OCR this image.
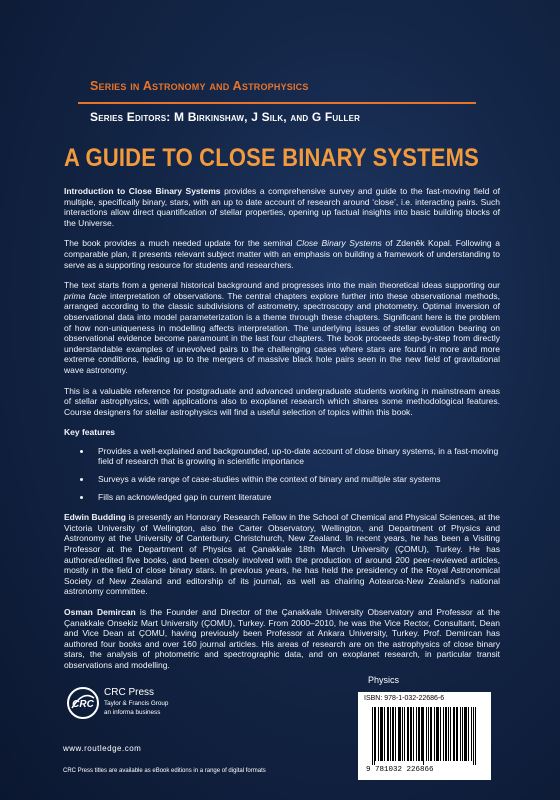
Series in Astronomy and Astrophysics
Series Editors: M Birkinshaw, J Silk, and G Fuller
A GUIDE TO CLOSE BINARY SYSTEMS

Introduction to Close Binary Systems provides a comprehensive survey and guide to the fast-moving field of multiple, specifically binary, stars, with an up to date account of research around ‘close’, i.e. interacting pairs. Such interactions allow direct quantification of stellar properties, opening up factual insights into basic building blocks of the Universe.

The book provides a much needed update for the seminal Close Binary Systems of Zdeněk Kopal. Following a comparable plan, it presents relevant subject matter with an emphasis on building a framework of understanding to serve as a supporting resource for students and researchers.

The text starts from a general historical background and progresses into the main theoretical ideas supporting our prima facie interpretation of observations. The central chapters explore further into these observational methods, arranged according to the classic subdivisions of astrometry, spectroscopy and photometry. Optimal inversion of observational data into model parameterization is a theme through these chapters. Significant here is the problem of how non-uniqueness in modelling affects interpretation. The underlying issues of stellar evolution bearing on observational evidence become paramount in the last four chapters. The book proceeds step-by-step from directly understandable examples of unevolved pairs to the challenging cases where stars are found in more and more extreme conditions, leading up to the mergers of massive black hole pairs seen in the new field of gravitational wave astronomy.

This is a valuable reference for postgraduate and advanced undergraduate students working in mainstream areas of stellar astrophysics, with applications also to exoplanet research which shares some methodological features. Course designers for stellar astrophysics will find a useful selection of topics within this book.

Key features

• Provides a well-explained and backgrounded, up-to-date account of close binary systems, in a fast-moving field of research that is growing in scientific importance
• Surveys a wide range of case-studies within the context of binary and multiple star systems
• Fills an acknowledged gap in current literature

Edwin Budding is presently an Honorary Research Fellow in the School of Chemical and Physical Sciences, at the Victoria University of Wellington, also the Carter Observatory, Wellington, and Department of Physics and Astronomy at the University of Canterbury, Christchurch, New Zealand. In recent years, he has been a Visiting Professor at the Department of Physics at Çanakkale 18th March University (ÇOMU), Turkey. He has authored/edited five books, and been closely involved with the production of around 200 peer-reviewed articles, mostly in the field of close binary stars. In previous years, he has held the presidency of the Royal Astronomical Society of New Zealand and editorship of its journal, as well as chairing Aotearoa-New Zealand’s national astronomy committee.

Osman Demircan is the Founder and Director of the Çanakkale University Observatory and Professor at the Çanakkale Onsekiz Mart University (ÇOMU), Turkey. From 2000–2010, he was the Vice Rector, Consultant, Dean and Vice Dean at ÇOMU, having previously been Professor at Ankara University, Turkey. Prof. Demircan has authored four books and over 160 journal articles. His areas of research are on the astrophysics of close binary stars, the analysis of photometric and spectrographic data, and on exoplanet research, in particular transit observations and modelling.

Physics
ISBN: 978-1-032-22686-6
9 781032 226866
CRC
CRC Press
Taylor & Francis Group
an informa business
www.routledge.com
CRC Press titles are available as eBook editions in a range of digital formats
